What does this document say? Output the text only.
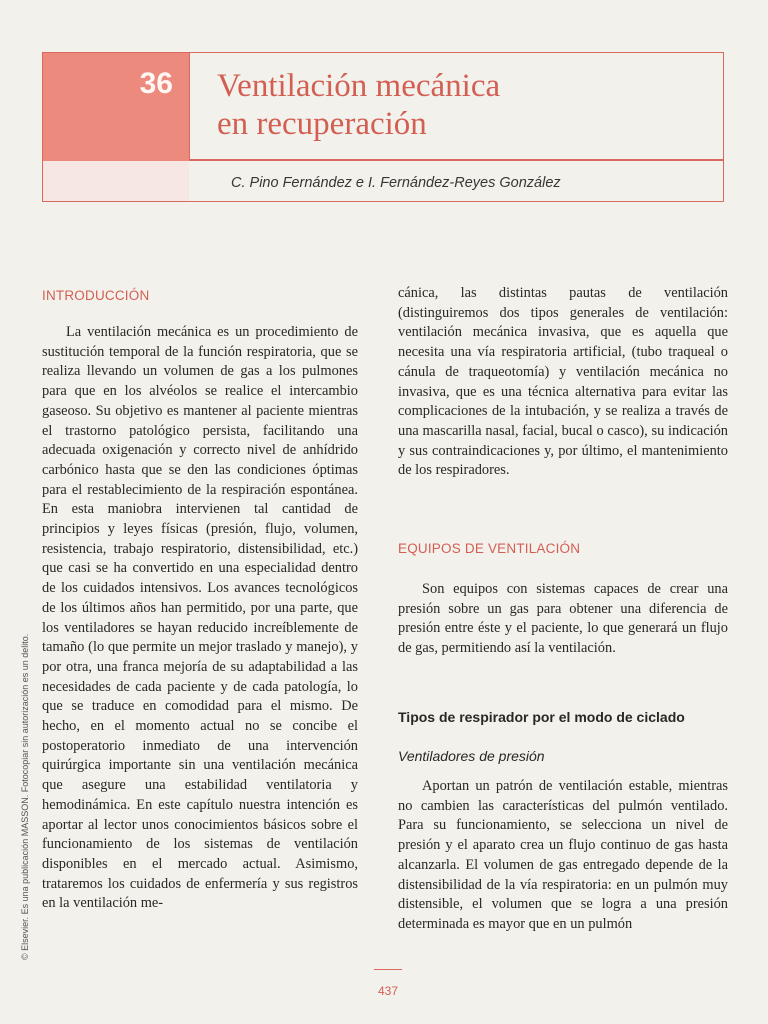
36 Ventilación mecánica
en recuperación
C. Pino Fernández e I. Fernández-Reyes González
INTRODUCCIÓN

La ventilación mecánica es un procedimiento de sustitución temporal de la función respiratoria, que se realiza llevando un volumen de gas a los pulmones para que en los alvéolos se realice el intercambio gaseoso. Su objetivo es mantener al paciente mientras el trastorno patológico persista, facilitando una adecuada oxigenación y correcto nivel de anhídrido carbónico hasta que se den las condiciones óptimas para el restablecimiento de la respiración espontánea. En esta maniobra intervienen tal cantidad de principios y leyes físicas (presión, flujo, volumen, resistencia, trabajo respiratorio, distensibilidad, etc.) que casi se ha convertido en una especialidad dentro de los cuidados intensivos. Los avances tecnológicos de los últimos años han permitido, por una parte, que los ventiladores se hayan reducido increíblemente de tamaño (lo que permite un mejor traslado y manejo), y por otra, una franca mejoría de su adaptabilidad a las necesidades de cada paciente y de cada patología, lo que se traduce en comodidad para el mismo. De hecho, en el momento actual no se concibe el postoperatorio inmediato de una intervención quirúrgica importante sin una ventilación mecánica que asegure una estabilidad ventilatoria y hemodinámica. En este capítulo nuestra intención es aportar al lector unos conocimientos básicos sobre el funcionamiento de los sistemas de ventilación disponibles en el mercado actual. Asimismo, trataremos los cuidados de enfermería y sus registros en la ventilación me-

cánica, las distintas pautas de ventilación (distinguiremos dos tipos generales de ventilación: ventilación mecánica invasiva, que es aquella que necesita una vía respiratoria artificial, (tubo traqueal o cánula de traqueotomía) y ventilación mecánica no invasiva, que es una técnica alternativa para evitar las complicaciones de la intubación, y se realiza a través de una mascarilla nasal, facial, bucal o casco), su indicación y sus contraindicaciones y, por último, el mantenimiento de los respiradores.

EQUIPOS DE VENTILACIÓN

Son equipos con sistemas capaces de crear una presión sobre un gas para obtener una diferencia de presión entre éste y el paciente, lo que generará un flujo de gas, permitiendo así la ventilación.

Tipos de respirador por el modo de ciclado
Ventiladores de presión

Aportan un patrón de ventilación estable, mientras no cambien las características del pulmón ventilado. Para su funcionamiento, se selecciona un nivel de presión y el aparato crea un flujo continuo de gas hasta alcanzarla. El volumen de gas entregado depende de la distensibilidad de la vía respiratoria: en un pulmón muy distensible, el volumen que se logra a una presión determinada es mayor que en un pulmón

© Elsevier. Es una publicación MASSON. Fotocopiar sin autorización es un delito.
437
